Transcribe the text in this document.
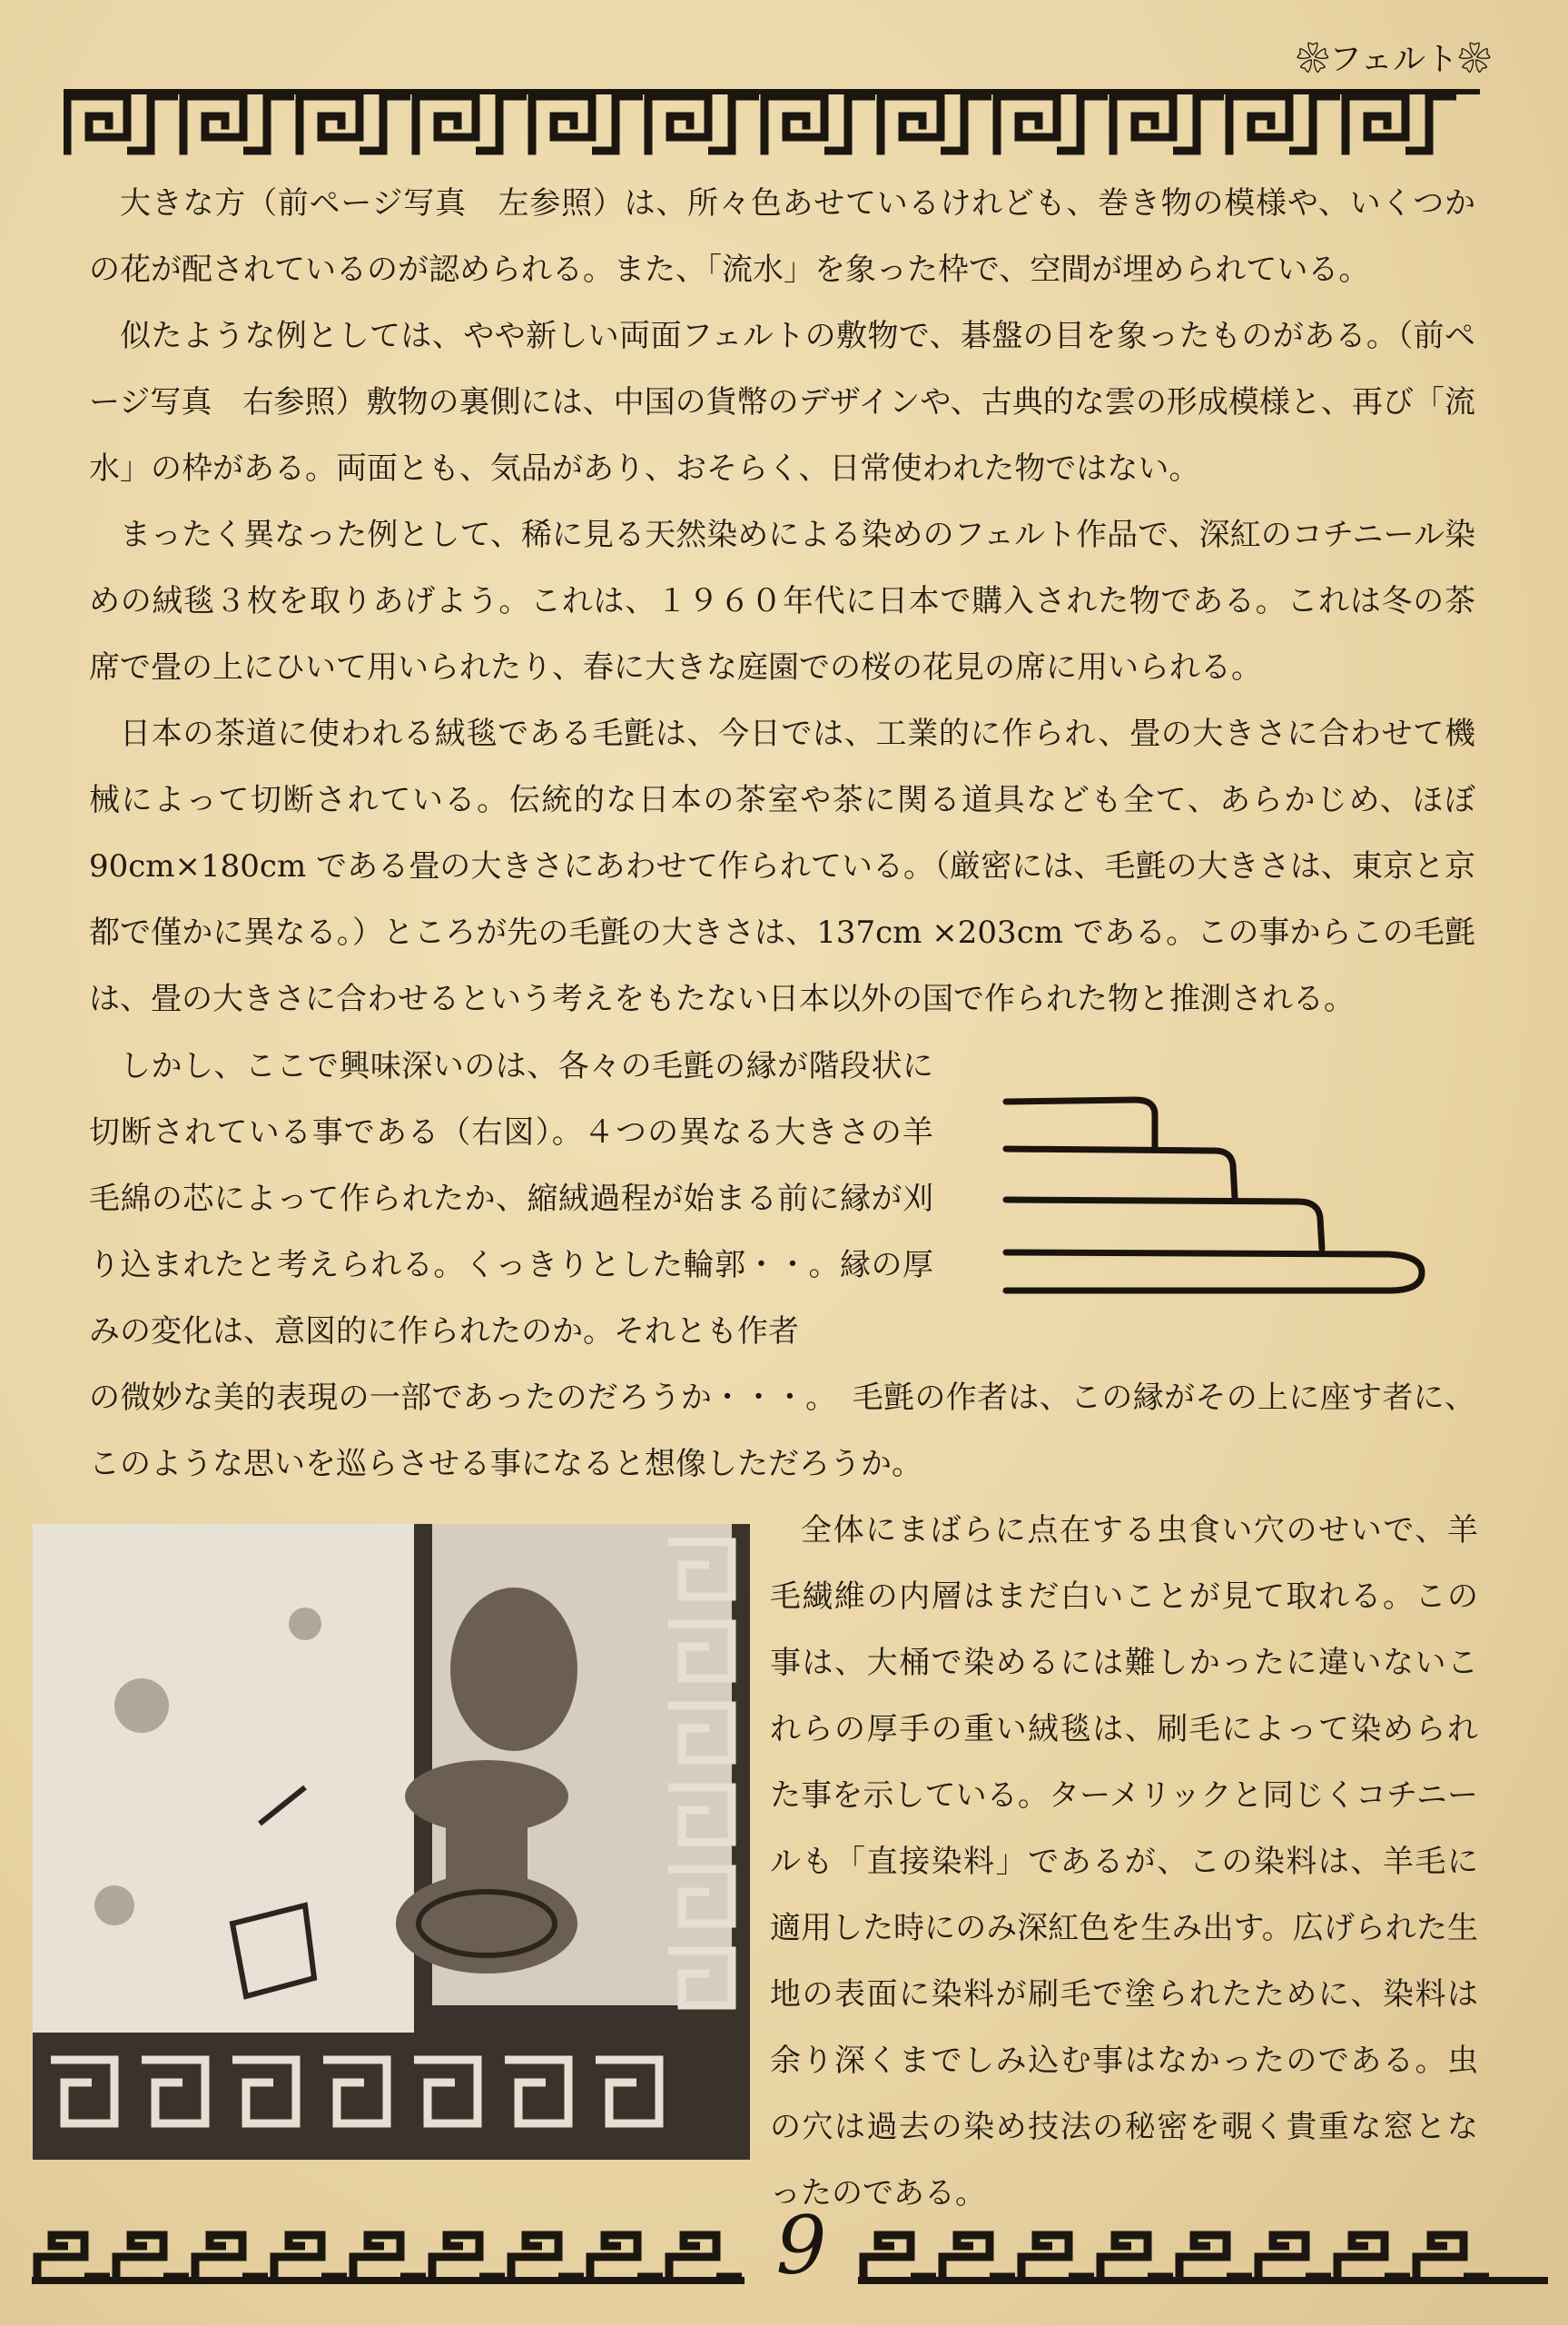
❀フェルト❀

大きな方（前ページ写真　左参照）は、所々色あせているけれども、巻き物の模様や、いくつかの花が配されているのが認められる。また、「流水」を象った枠で、空間が埋められている。

似たような例としては、やや新しい両面フェルトの敷物で、碁盤の目を象ったものがある。（前ページ写真　右参照）敷物の裏側には、中国の貨幣のデザインや、古典的な雲の形成模様と、再び「流水」の枠がある。両面とも、気品があり、おそらく、日常使われた物ではない。

まったく異なった例として、稀に見る天然染めによる染めのフェルト作品で、深紅のコチニール染めの絨毯３枚を取りあげよう。これは、１９６０年代に日本で購入された物である。これは冬の茶席で畳の上にひいて用いられたり、春に大きな庭園での桜の花見の席に用いられる。

日本の茶道に使われる絨毯である毛氈は、今日では、工業的に作られ、畳の大きさに合わせて機械によって切断されている。伝統的な日本の茶室や茶に関る道具なども全て、あらかじめ、ほぼ90cm×180cm である畳の大きさにあわせて作られている。（厳密には、毛氈の大きさは、東京と京都で僅かに異なる。）ところが先の毛氈の大きさは、137cm ×203cm である。この事からこの毛氈は、畳の大きさに合わせるという考えをもたない日本以外の国で作られた物と推測される。

しかし、ここで興味深いのは、各々の毛氈の縁が階段状に切断されている事である（右図）。４つの異なる大きさの羊毛綿の芯によって作られたか、縮絨過程が始まる前に縁が刈り込まれたと考えられる。くっきりとした輪郭・・。縁の厚みの変化は、意図的に作られたのか。それとも作者

の微妙な美的表現の一部であったのだろうか・・・。　毛氈の作者は、この縁がその上に座す者に、このような思いを巡らさせる事になると想像しただろうか。

全体にまばらに点在する虫食い穴のせいで、羊毛繊維の内層はまだ白いことが見て取れる。この事は、大桶で染めるには難しかったに違いないこれらの厚手の重い絨毯は、刷毛によって染められた事を示している。ターメリックと同じくコチニールも「直接染料」であるが、この染料は、羊毛に適用した時にのみ深紅色を生み出す。広げられた生地の表面に染料が刷毛で塗られたために、染料は余り深くまでしみ込む事はなかったのである。虫の穴は過去の染め技法の秘密を覗く貴重な窓となったのである。

9
